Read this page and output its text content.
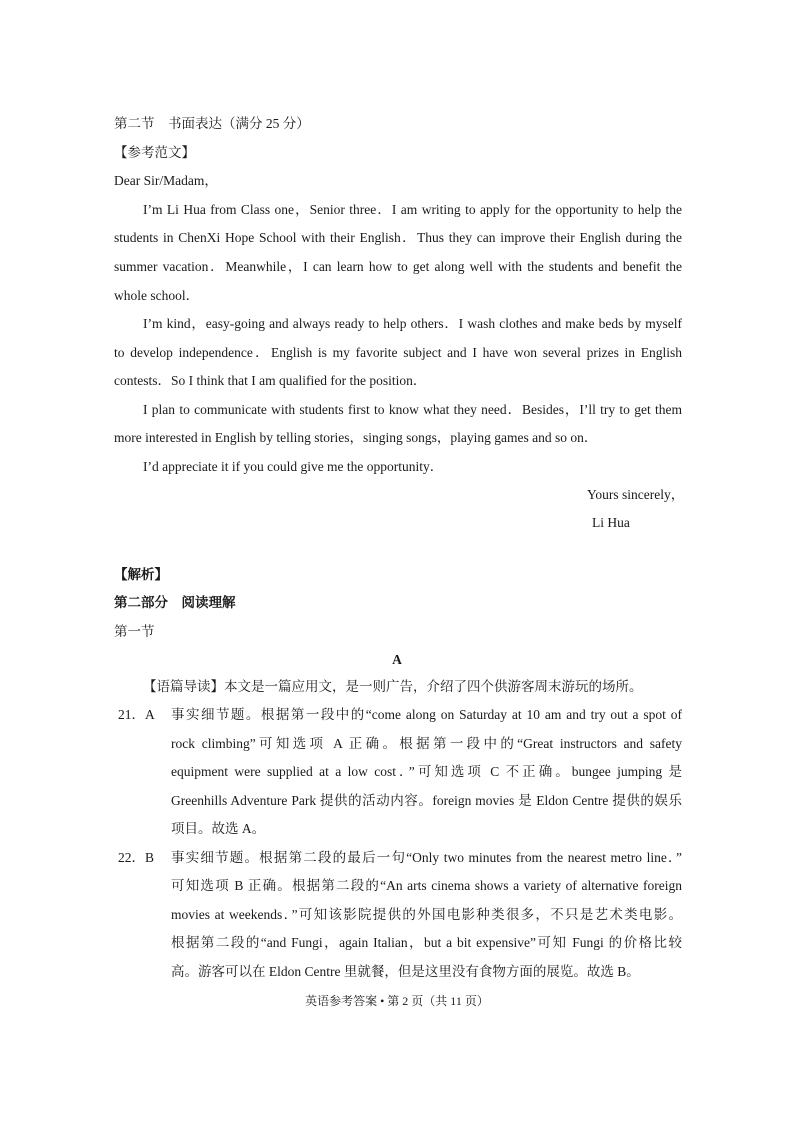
第二节　书面表达（满分 25 分）
【参考范文】
Dear Sir/Madam，
I’m Li Hua from Class one，Senior three．I am writing to apply for the opportunity to help the
students in ChenXi Hope School with their English．Thus they can improve their English during the
summer vacation．Meanwhile，I can learn how to get along well with the students and benefit the
whole school．
I’m kind，easy-going and always ready to help others．I wash clothes and make beds by myself
to develop independence．English is my favorite subject and I have won several prizes in English
contests．So I think that I am qualified for the position．
I plan to communicate with students first to know what they need．Besides，I’ll try to get them
more interested in English by telling stories，singing songs，playing games and so on．
I’d appreciate it if you could give me the opportunity．
Yours sincerely，
Li Hua
【解析】
第二部分　阅读理解
第一节
A
【语篇导读】本文是一篇应用文，是一则广告，介绍了四个供游客周末游玩的场所。
21．A 事实细节题。根据第一段中的“come along on Saturday at 10 am and try out a spot of
rock climbing”可知选项 A 正确。根据第一段中的“Great instructors and safety
equipment were supplied at a low cost．”可知选项 C 不正确。bungee jumping 是
Greenhills Adventure Park 提供的活动内容。foreign movies 是 Eldon Centre 提供的娱乐
项目。故选 A。
22．B 事实细节题。根据第二段的最后一句“Only two minutes from the nearest metro line．”
可知选项 B 正确。根据第二段的“An arts cinema shows a variety of alternative foreign
movies at weekends．”可知该影院提供的外国电影种类很多，不只是艺术类电影。
根据第二段的“and Fungi，again Italian，but a bit expensive”可知 Fungi 的价格比较
高。游客可以在 Eldon Centre 里就餐，但是这里没有食物方面的展览。故选 B。
英语参考答案 • 第 2 页（共 11 页）
